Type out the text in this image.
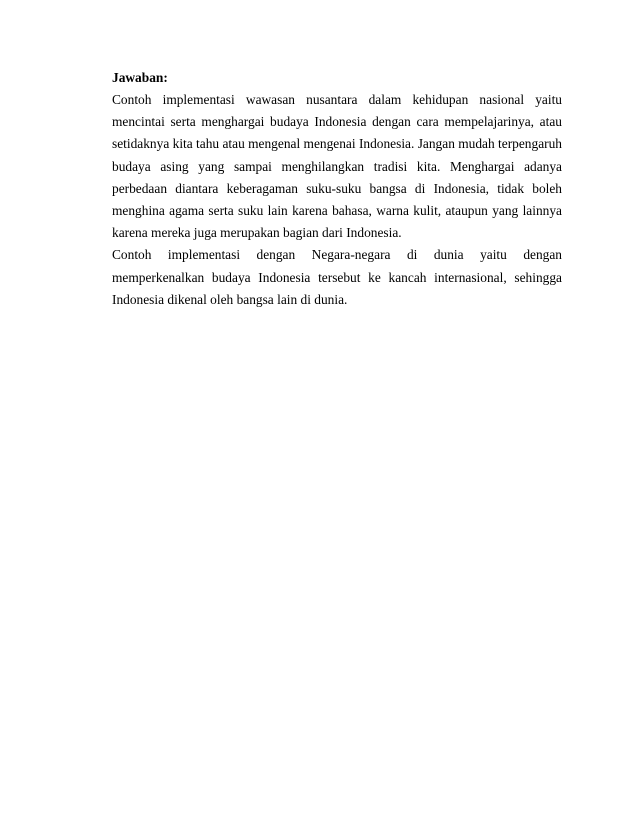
Jawaban:

Contoh implementasi wawasan nusantara dalam kehidupan nasional yaitu mencintai serta menghargai budaya Indonesia dengan cara mempelajarinya, atau setidaknya kita tahu atau mengenal mengenai Indonesia. Jangan mudah terpengaruh budaya asing yang sampai menghilangkan tradisi kita. Menghargai adanya perbedaan diantara keberagaman suku-suku bangsa di Indonesia, tidak boleh menghina agama serta suku lain karena bahasa, warna kulit, ataupun yang lainnya karena mereka juga merupakan bagian dari Indonesia.

Contoh implementasi dengan Negara-negara di dunia yaitu dengan memperkenalkan budaya Indonesia tersebut ke kancah internasional, sehingga Indonesia dikenal oleh bangsa lain di dunia.
